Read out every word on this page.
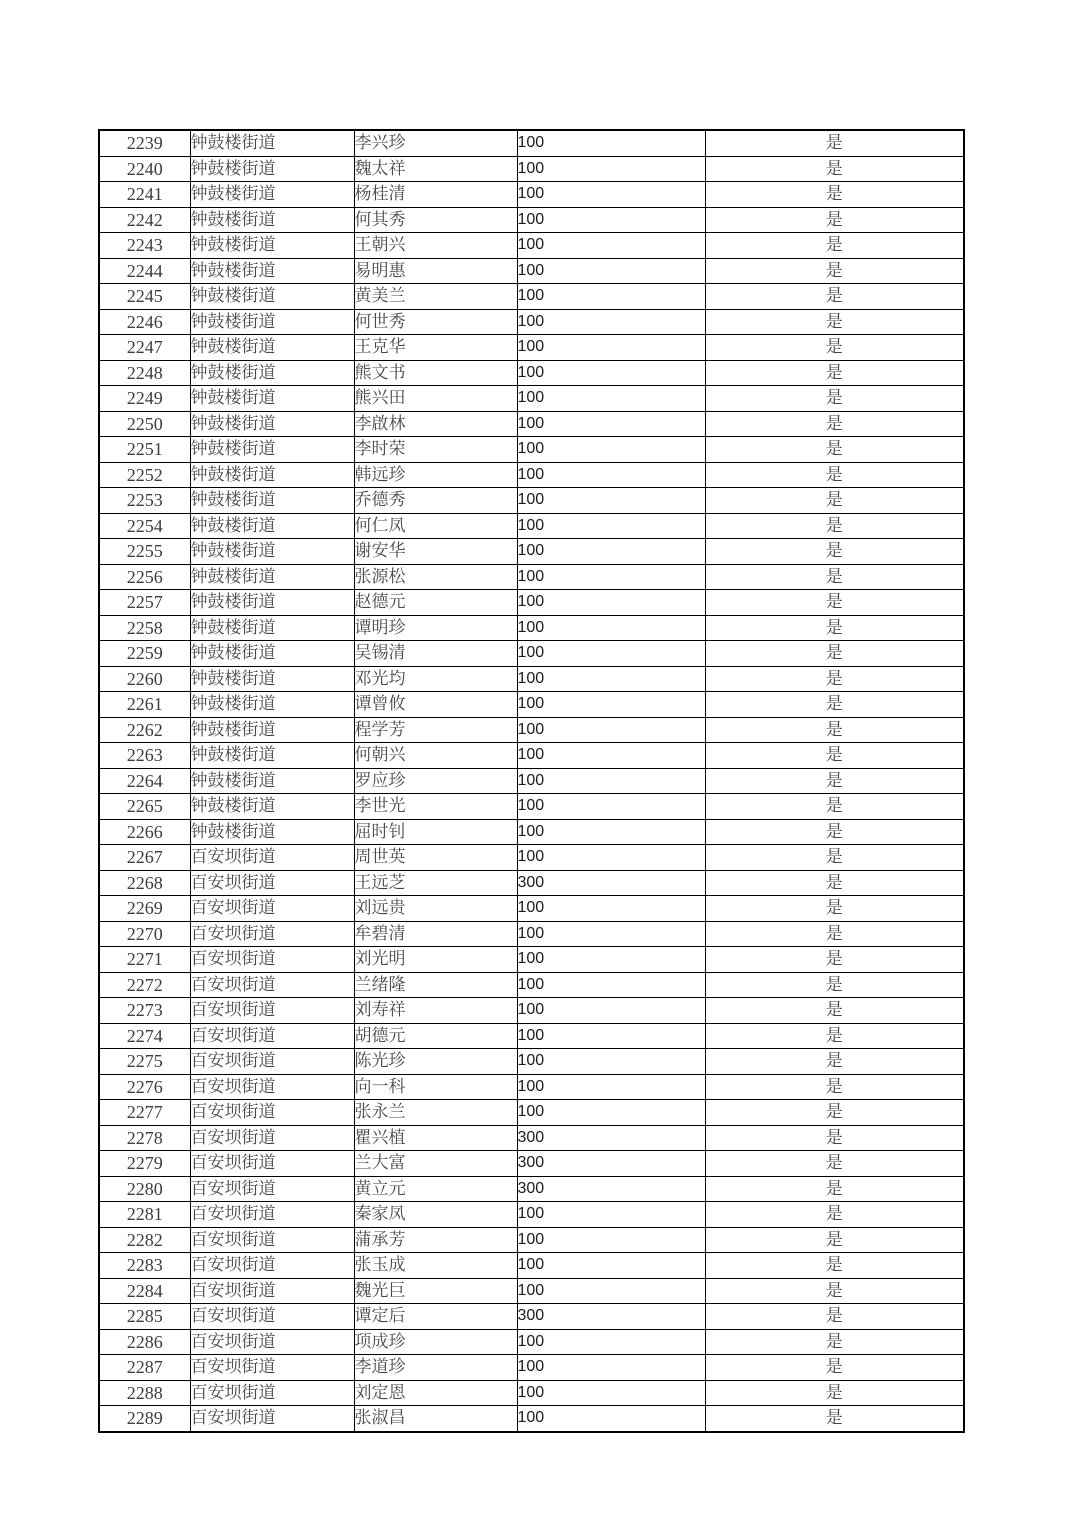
2239	钟鼓楼街道	李兴珍	100	是
2240	钟鼓楼街道	魏太祥	100	是
2241	钟鼓楼街道	杨桂清	100	是
2242	钟鼓楼街道	何其秀	100	是
2243	钟鼓楼街道	王朝兴	100	是
2244	钟鼓楼街道	易明惠	100	是
2245	钟鼓楼街道	黄美兰	100	是
2246	钟鼓楼街道	何世秀	100	是
2247	钟鼓楼街道	王克华	100	是
2248	钟鼓楼街道	熊文书	100	是
2249	钟鼓楼街道	熊兴田	100	是
2250	钟鼓楼街道	李啟林	100	是
2251	钟鼓楼街道	李时荣	100	是
2252	钟鼓楼街道	韩远珍	100	是
2253	钟鼓楼街道	乔德秀	100	是
2254	钟鼓楼街道	何仁凤	100	是
2255	钟鼓楼街道	谢安华	100	是
2256	钟鼓楼街道	张源松	100	是
2257	钟鼓楼街道	赵德元	100	是
2258	钟鼓楼街道	谭明珍	100	是
2259	钟鼓楼街道	吴锡清	100	是
2260	钟鼓楼街道	邓光均	100	是
2261	钟鼓楼街道	谭曾攸	100	是
2262	钟鼓楼街道	程学芳	100	是
2263	钟鼓楼街道	何朝兴	100	是
2264	钟鼓楼街道	罗应珍	100	是
2265	钟鼓楼街道	李世光	100	是
2266	钟鼓楼街道	屈时钊	100	是
2267	百安坝街道	周世英	100	是
2268	百安坝街道	王远芝	300	是
2269	百安坝街道	刘远贵	100	是
2270	百安坝街道	牟碧清	100	是
2271	百安坝街道	刘光明	100	是
2272	百安坝街道	兰绪隆	100	是
2273	百安坝街道	刘寿祥	100	是
2274	百安坝街道	胡德元	100	是
2275	百安坝街道	陈光珍	100	是
2276	百安坝街道	向一科	100	是
2277	百安坝街道	张永兰	100	是
2278	百安坝街道	瞿兴植	300	是
2279	百安坝街道	兰大富	300	是
2280	百安坝街道	黄立元	300	是
2281	百安坝街道	秦家凤	100	是
2282	百安坝街道	蒲承芳	100	是
2283	百安坝街道	张玉成	100	是
2284	百安坝街道	魏光巨	100	是
2285	百安坝街道	谭定后	300	是
2286	百安坝街道	项成珍	100	是
2287	百安坝街道	李道珍	100	是
2288	百安坝街道	刘定恩	100	是
2289	百安坝街道	张淑昌	100	是
